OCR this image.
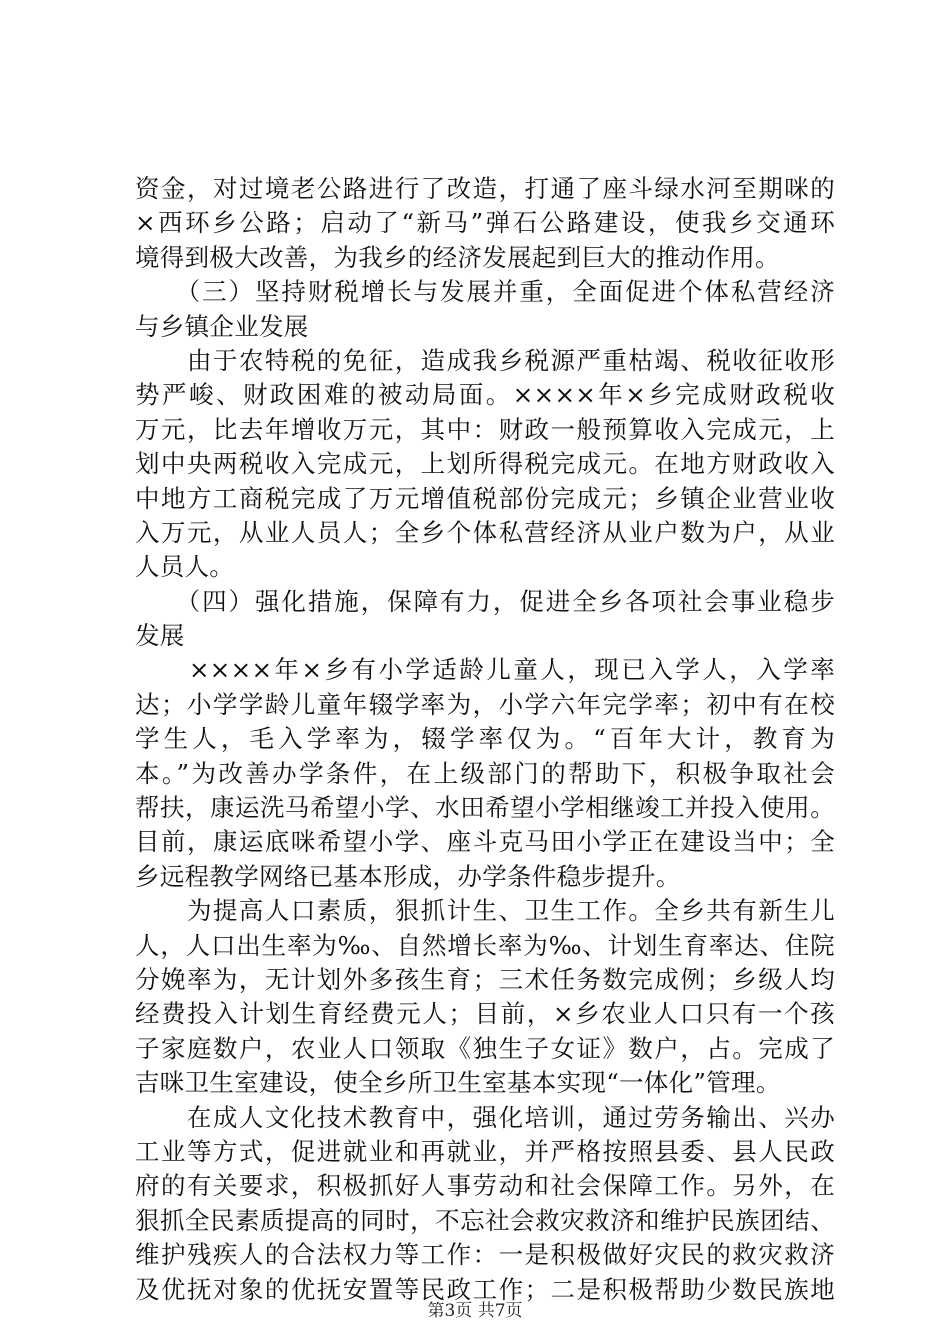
资金，对过境老公路进行了改造，打通了座斗绿水河至期咪的
×西环乡公路；启动了“新马”弹石公路建设，使我乡交通环
境得到极大改善，为我乡的经济发展起到巨大的推动作用。
　　（三）坚持财税增长与发展并重，全面促进个体私营经济
与乡镇企业发展
　　由于农特税的免征，造成我乡税源严重枯竭、税收征收形
势严峻、财政困难的被动局面。××××年×乡完成财政税收
万元，比去年增收万元，其中：财政一般预算收入完成元，上
划中央两税收入完成元，上划所得税完成元。在地方财政收入
中地方工商税完成了万元增值税部份完成元；乡镇企业营业收
入万元，从业人员人；全乡个体私营经济从业户数为户，从业
人员人。
　　（四）强化措施，保障有力，促进全乡各项社会事业稳步
发展
　　××××年×乡有小学适龄儿童人，现已入学人，入学率
达；小学学龄儿童年辍学率为，小学六年完学率；初中有在校
学生人，毛入学率为，辍学率仅为。“百年大计，教育为
本。”为改善办学条件，在上级部门的帮助下，积极争取社会
帮扶，康运洗马希望小学、水田希望小学相继竣工并投入使用。
目前，康运底咪希望小学、座斗克马田小学正在建设当中；全
乡远程教学网络已基本形成，办学条件稳步提升。
　　为提高人口素质，狠抓计生、卫生工作。全乡共有新生儿
人，人口出生率为‰、自然增长率为‰、计划生育率达、住院
分娩率为，无计划外多孩生育；三术任务数完成例；乡级人均
经费投入计划生育经费元人；目前，×乡农业人口只有一个孩
子家庭数户，农业人口领取《独生子女证》数户，占。完成了
吉咪卫生室建设，使全乡所卫生室基本实现“一体化”管理。
　　在成人文化技术教育中，强化培训，通过劳务输出、兴办
工业等方式，促进就业和再就业，并严格按照县委、县人民政
府的有关要求，积极抓好人事劳动和社会保障工作。另外，在
狠抓全民素质提高的同时，不忘社会救灾救济和维护民族团结、
维护残疾人的合法权力等工作：一是积极做好灾民的救灾救济
及优抚对象的优抚安置等民政工作；二是积极帮助少数民族地
第3页 共7页
